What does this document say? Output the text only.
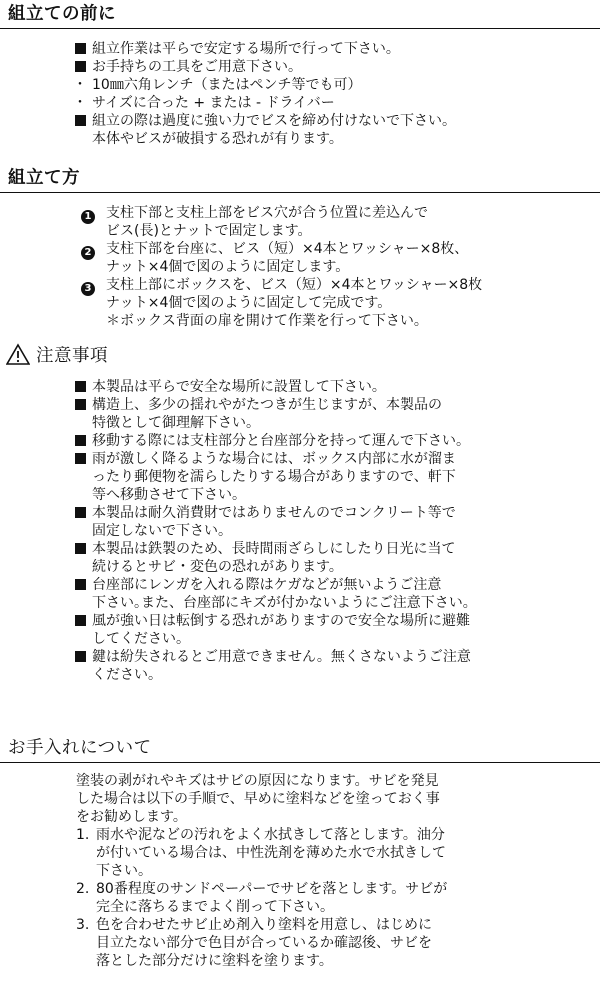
組立ての前に
組立作業は平らで安定する場所で行って下さい。
お手持ちの工具をご用意下さい。
・ 10㎜六角レンチ（またはペンチ等でも可）
・ サイズに合った + または - ドライバー
組立の際は過度に強い力でビスを締め付けないで下さい。
本体やビスが破損する恐れが有ります。
組立て方
1	支柱下部と支柱上部をビス穴が合う位置に差込んで
ビス(長)とナットで固定します。
2	支柱下部を台座に、ビス（短）×4本とワッシャー×8枚、
ナット×4個で図のように固定します。
3	支柱上部にボックスを、ビス（短）×4本とワッシャー×8枚
ナット×4個で図のように固定して完成です。
＊ボックス背面の扉を開けて作業を行って下さい。
注意事項
本製品は平らで安全な場所に設置して下さい。
構造上、多少の揺れやがたつきが生じますが、本製品の
特徴として御理解下さい。
移動する際には支柱部分と台座部分を持って運んで下さい。
雨が激しく降るような場合には、ボックス内部に水が溜ま
ったり郵便物を濡らしたりする場合がありますので、軒下
等へ移動させて下さい。
本製品は耐久消費財ではありませんのでコンクリート等で
固定しないで下さい。
本製品は鉄製のため、長時間雨ざらしにしたり日光に当て
続けるとサビ・変色の恐れがあります。
台座部にレンガを入れる際はケガなどが無いようご注意
下さい｡また、台座部にキズが付かないようにご注意下さい。
風が強い日は転倒する恐れがありますので安全な場所に避難
してください。
鍵は紛失されるとご用意できません。無くさないようご注意
ください。
お手入れについて
塗装の剥がれやキズはサビの原因になります。サビを発見
した場合は以下の手順で、早めに塗料などを塗っておく事
をお勧めします。
1. 雨水や泥などの汚れをよく水拭きして落とします。油分
が付いている場合は、中性洗剤を薄めた水で水拭きして
下さい。
2. 80番程度のサンドペーパーでサビを落とします。サビが
完全に落ちるまでよく削って下さい。
3. 色を合わせたサビ止め剤入り塗料を用意し、はじめに
目立たない部分で色目が合っているか確認後、サビを
落とした部分だけに塗料を塗ります。
